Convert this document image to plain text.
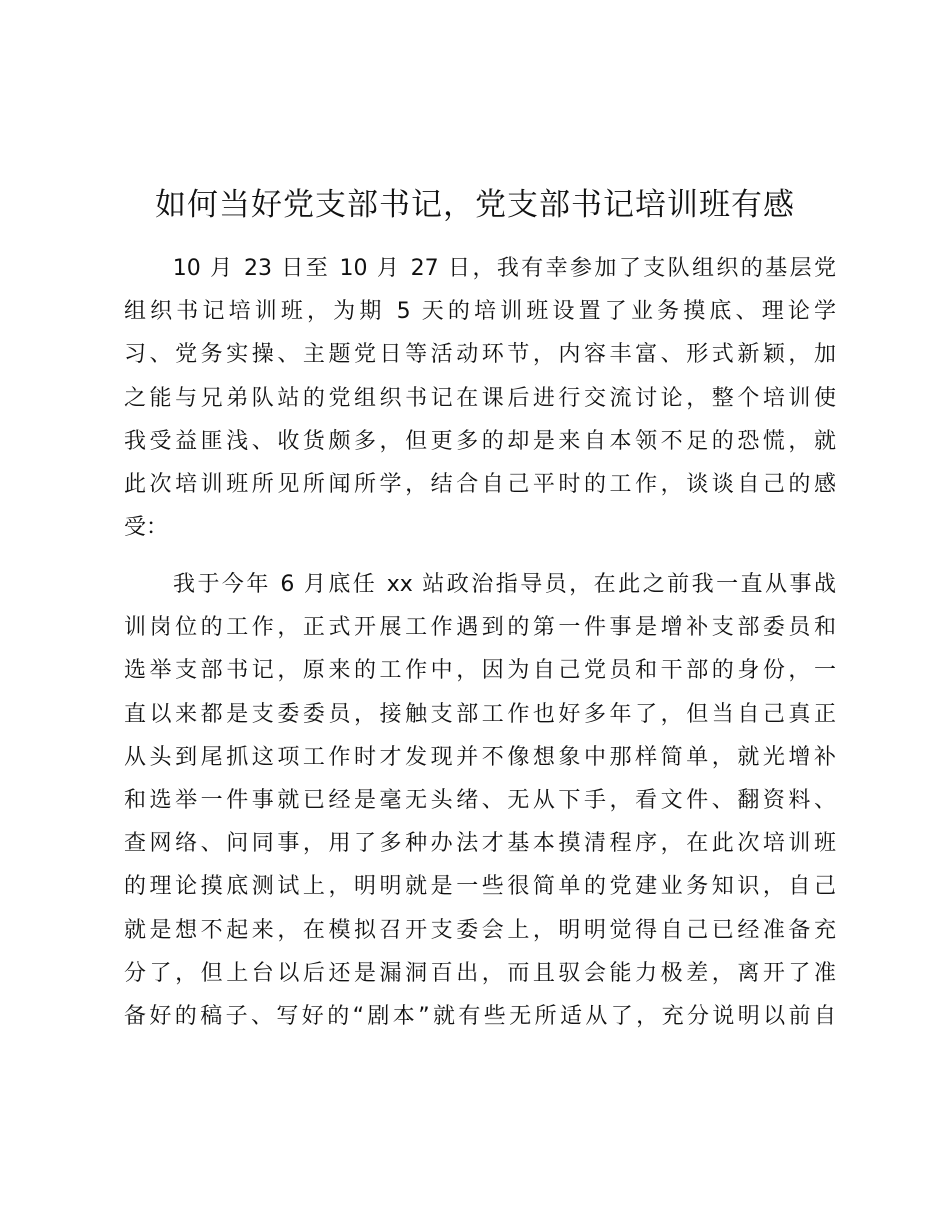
如何当好党支部书记，党支部书记培训班有感
　　10 月 23 日至 10 月 27 日，我有幸参加了支队组织的基层党
组织书记培训班，为期 5 天的培训班设置了业务摸底、理论学
习、党务实操、主题党日等活动环节，内容丰富、形式新颖，加
之能与兄弟队站的党组织书记在课后进行交流讨论，整个培训使
我受益匪浅、收货颇多，但更多的却是来自本领不足的恐慌，就
此次培训班所见所闻所学，结合自己平时的工作，谈谈自己的感
受：
　　我于今年 6 月底任 xx 站政治指导员，在此之前我一直从事战
训岗位的工作，正式开展工作遇到的第一件事是增补支部委员和
选举支部书记，原来的工作中，因为自己党员和干部的身份，一
直以来都是支委委员，接触支部工作也好多年了，但当自己真正
从头到尾抓这项工作时才发现并不像想象中那样简单，就光增补
和选举一件事就已经是毫无头绪、无从下手，看文件、翻资料、
查网络、问同事，用了多种办法才基本摸清程序，在此次培训班
的理论摸底测试上，明明就是一些很简单的党建业务知识，自己
就是想不起来，在模拟召开支委会上，明明觉得自己已经准备充
分了，但上台以后还是漏洞百出，而且驭会能力极差，离开了准
备好的稿子、写好的“剧本”就有些无所适从了，充分说明以前自
